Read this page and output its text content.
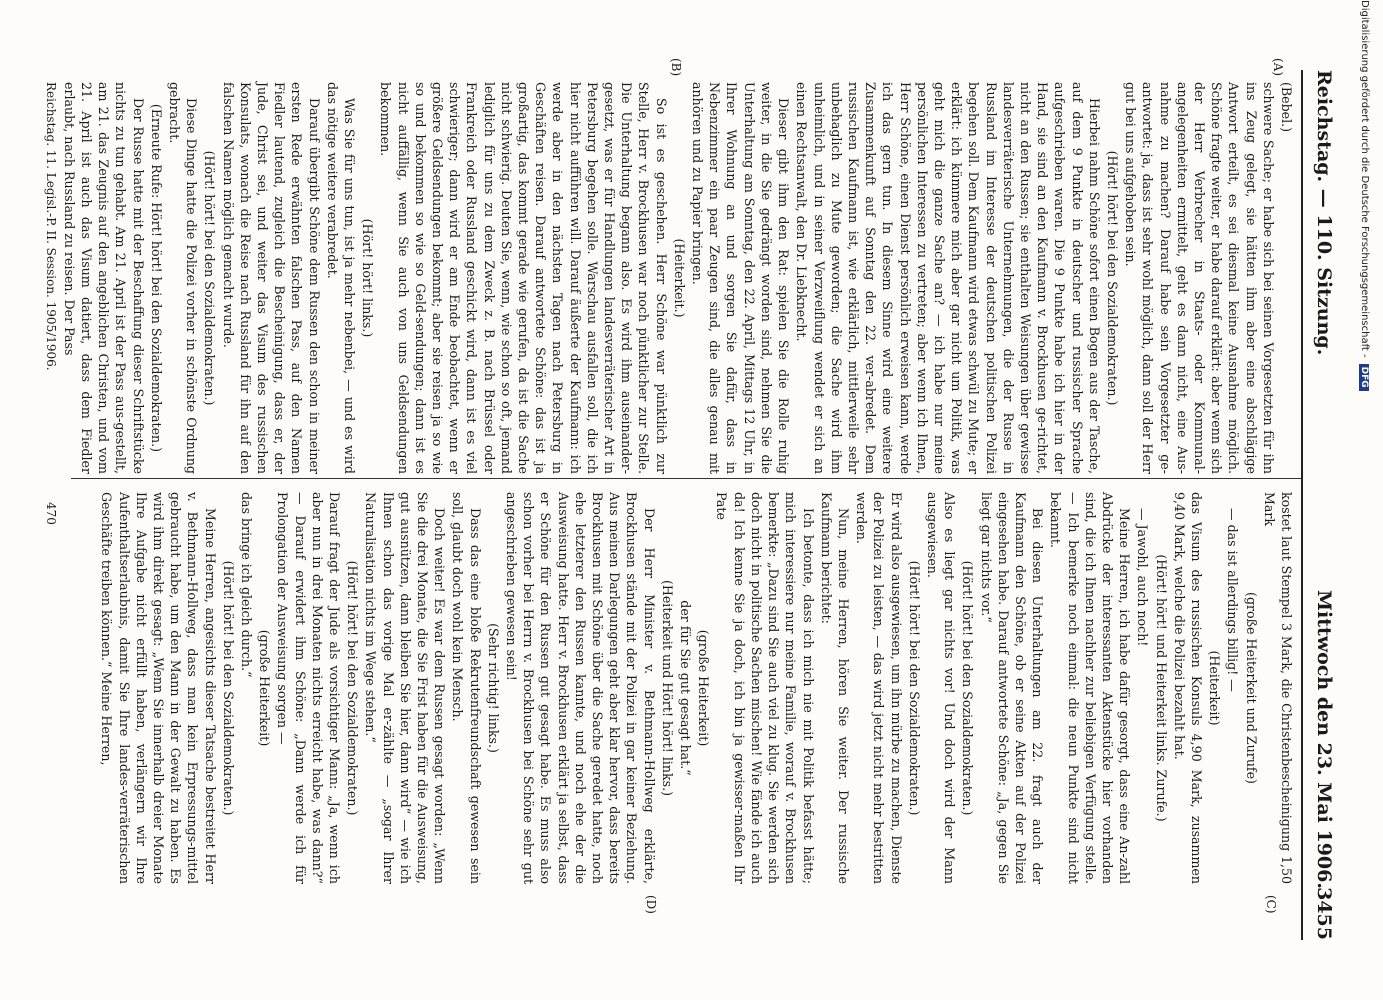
Reichstag. — 110. Sitzung.
Mittwoch den 23. Mai 1906.
3455
(A)
(B)
(C)
(D)

(Bebel.)

schwere Sache; er habe sich bei seinen Vorgesetzten für ihn ins Zeug gelegt, sie hätten ihm aber eine abschlägige Antwort erteilt, es sei diesmal keine Ausnahme möglich. Schöne fragte weiter, er habe darauf erklärt: aber wenn sich der Herr Verbrecher in Staats- oder Kommunal-angelegenheiten ermittelt, geht es dann nicht, eine Aus-nahme zu machen? Darauf habe sein Vorgesetzter ge-antwortet: ja, dass ist sehr wohl möglich, dann soll der Herr gut bei uns aufgehoben sein.

(Hört! hört! bei den Sozialdemokraten.)

Hierbei nahm Schöne sofort einen Bogen aus der Tasche, auf dem 9 Punkte in deutscher und russischer Sprache aufgeschrieben waren. Die 9 Punkte habe ich hier in der Hand, sie sind an den Kaufmann v. Brockhusen ge-richtet, nicht an den Russen; sie enthalten Weisungen über gewisse landesverräterische Unternehmungen, die der Russe in Russland im Interesse der deutschen politischen Polizei begehen soll. Dem Kaufmann wird etwas schwül zu Mute; er erklärt: ich kümmere mich aber gar nicht um Politik, was geht mich die ganze Sache an? — ich habe nur meine persönlichen Interessen zu vertreten; aber wenn ich Ihnen, Herr Schöne, einen Dienst persönlich erweisen kann, werde ich das gern tun. In diesem Sinne wird eine weitere Zusammenkunft auf Sonntag den 22. ver-abredet. Dem russischen Kaufmann ist, wie erklärlich, mittlerweile sehr unbehaglich zu Mute geworden; die Sache wird ihm unheimlich, und in seiner Verzweiflung wendet er sich an einen Rechtsanwalt, den Dr. Liebknecht.

Dieser gibt ihm den Rat: spielen Sie die Rolle ruhig weiter, in die Sie gedrängt worden sind, nehmen Sie die Unterhaltung am Sonntag, den 22. April, Mittags 12 Uhr, in Ihrer Wohnung an und sorgen Sie dafür, dass in Nebenzimmer ein paar Zeugen sind, die alles genau mit anhören und zu Papier bringen.

(Heiterkeit.)

So ist es geschehen. Herr Schöne war pünktlich zur Stelle, Herr v. Brockhusen war noch pünktlicher zur Stelle. Die Unterhaltung begann also. Es wird ihm auseinander-gesetzt, was er für Handlungen landesverräterischer Art in Petersburg begehen solle. Warschau ausfallen soll, die ich hier nicht aufführen will. Darauf äußerte der Kaufmann: ich werde aber in den nächsten Tagen nach Petersburg in Geschäften reisen. Darauf antwortete Schöne: das ist ja großartig, das kommt gerade wie gerufen, da ist die Sache nicht schwierig. Deuten Sie, wenn, wie schon so oft, jemand lediglich für uns zu dem Zweck z. B. nach Brüssel oder Frankreich oder Russland geschickt wird, dann ist es viel schwieriger; dann wird er am Ende beobachtet, wenn er größere Geldsendungen bekommt; aber sie reisen ja so wie so und bekommen so wie so Geld-sendungen; dann ist es nicht auffällig, wenn Sie auch von uns Geldsendungen bekommen.

(Hört! hört! links.)

Was Sie für uns tun, ist ja mehr nebenbei, — und es wird das nötige weitere verabredet.

Darauf übergibt Schöne dem Russen den schon in meiner ersten Rede erwähnten falschen Pass, auf den Namen Fiedler lautend, zugleich die Bescheinigung, dass er, der Jude, Christ sei, und weiter das Visum des russischen Konsulats, wonach die Reise nach Russland für ihn auf den falschen Namen möglich gemacht wurde.

(Hört! hört! bei den Sozialdemokraten.)

Diese Dinge hatte die Polizei vorher in schönste Ordnung gebracht.

(Erneute Rufe: Hört! hört! bei den Sozialdemokraten.)

Der Russe hatte mit der Beschaffung dieser Schriftstücke nichts zu tun gehabt. Am 21. April ist der Pass aus-gestellt, am 21. das Zeugnis auf den angeblichen Christen, und vom 21. April ist auch das Visum datiert, dass dem Fiedler erlaubt, nach Russland zu reisen. Der Pass

kostet laut Stempel 3 Mark, die Christenbescheinigung 1,50 Mark

(große Heiterkeit und Zurufe)

— das ist allerdings billig! —

(Heiterkeit)

das Visum des russischen Konsuls 4,90 Mark, zusammen 9,40 Mark, welche die Polizei bezahlt hat.

(Hört! hört! und Heiterkeit links. Zurufe.)

— Jawohl, auch noch!

Meine Herren, ich habe dafür gesorgt, dass eine An-zahl Abdrücke der interessanten Aktenstücke hier vorhanden sind, die ich Ihnen nachher zur beliebigen Verfügung stelle. — Ich bemerke noch einmal: die neun Punkte sind nicht bekannt.

Bei diesen Unterhaltungen am 22. fragt auch der Kaufmann den Schöne, ob er seine Akten auf der Polizei eingesehen habe. Darauf antwortete Schöne: „Ja, gegen Sie liegt gar nichts vor.“

(Hört! hört! bei den Sozialdemokraten.)

Also es liegt gar nichts vor! Und doch wird der Mann ausgewiesen.

(Hört! hört! bei den Sozialdemokraten.)

Er wird also ausgewiesen, um ihn mürbe zu machen, Dienste der Polizei zu leisten, — das wird jetzt nicht mehr bestritten werden.

Nun, meine Herren, hören Sie weiter. Der russische Kaufmann berichtet:

Ich betonte, dass ich mich nie mit Politik befasst hätte; mich interessiere nur meine Familie, worauf v. Brockhusen bemerkte: „Dazu sind Sie auch viel zu klug. Sie werden sich doch nicht in politische Sachen mischen! Wie fände ich auch da! Ich kenne Sie ja doch, ich bin ja gewisser-maßen Ihr Pate

(große Heiterkeit)

der für Sie gut gesagt hat.“

(Heiterkeit und Hört! hört! links.)

Der Herr Minister v. Bethmann-Hollweg erklärte, Brockhusen stände mit der Polizei in gar keiner Beziehung. Aus meinen Darlegungen geht aber klar hervor, dass bereits Brockhusen mit Schöne über die Sache geredet hatte, noch ehe letzterer den Russen kannte, und noch ehe der die Ausweisung hatte. Herr v. Brockhusen erklärt ja selbst, dass er Schöne für den Russen gut gesagt habe. Es muss also schon vorher bei Herrn v. Brockhusen bei Schöne sehr gut angeschrieben gewesen sein!

(Sehr richtig! links.)

Dass das eine bloße Rekrutenfreundschaft gewesen sein soll, glaubt doch wohl kein Mensch.

Doch weiter! Es war dem Russen gesagt worden: „Wenn Sie die drei Monate, die Sie Frist haben für die Ausweisung, gut ausnützen, dann bleiben Sie hier, dann wird“ — wie ich Ihnen schon das vorige Mal er-zählte — „sogar Ihrer Naturalisation nichts im Wege stehen.“

(Hört! hört! bei den Sozialdemokraten.)

Darauf fragt der Jude als vorsichtiger Mann: „Ja, wenn ich aber nun in drei Monaten nichts erreicht habe, was dann?“ — Darauf erwidert ihm Schöne: „Dann werde ich für Prolongation der Ausweisung sorgen —

(große Heiterkeit)

das bringe ich gleich durch.“

(Hört! hört! bei den Sozialdemokraten.)

Meine Herren, angesichts dieser Tatsache bestreitet Herr v. Bethmann-Hollweg, dass man kein Erpressungs-mittel gebraucht habe, um den Mann in der Gewalt zu haben. Es wird ihm direkt gesagt: „Wenn Sie innerhalb dreier Monate Ihre Aufgabe nicht erfüllt haben, verlängern wir Ihre Aufenthaltserlaubnis, damit Sie Ihre landes-verräterischen Geschäfte treiben können.“ Meine Herren,

Reichstag. 11. Legisl.-P. II. Session. 1905/1906.
470
Digitalisierung gefördert durch die Deutsche Forschungsgemeinschaft -DFG
